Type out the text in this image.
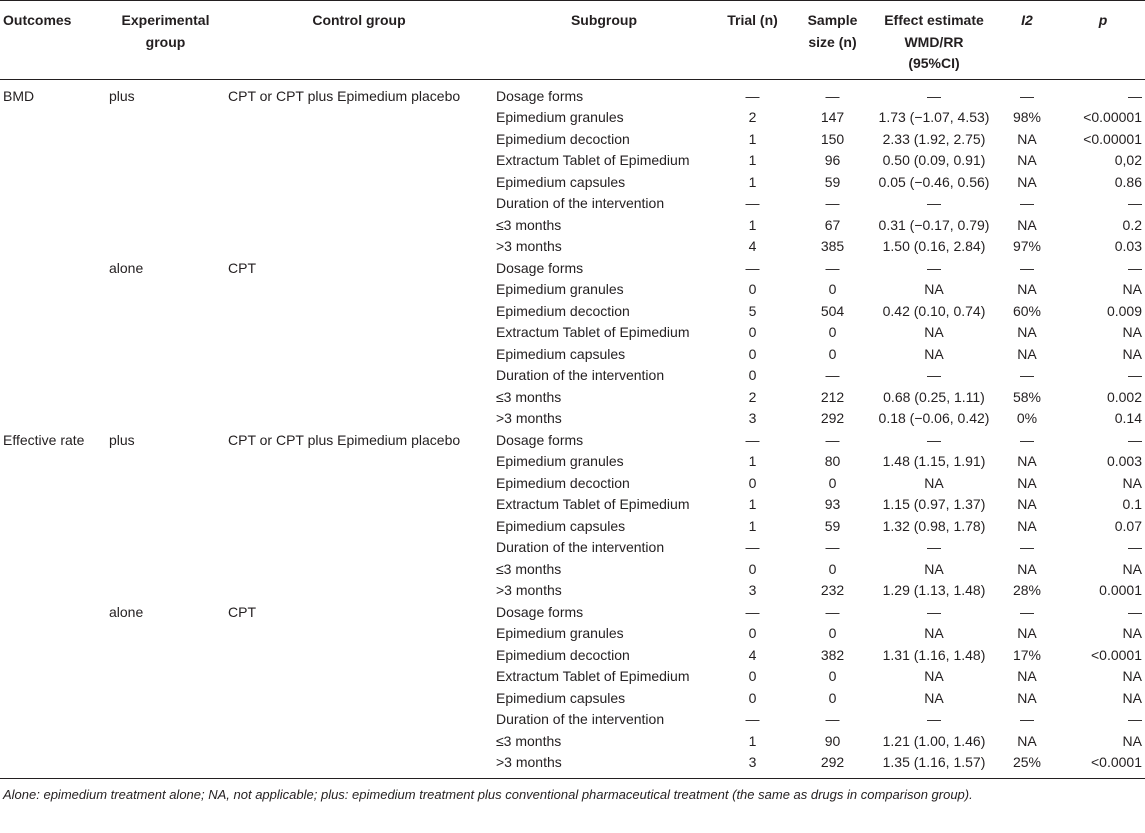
Outcomes	Experimental group	Control group	Subgroup	Trial (n)	Sample size (n)	Effect estimate WMD/RR (95%CI)	I2	p
BMD	plus	CPT or CPT plus Epimedium placebo	Dosage forms	—	—	—	—	—
			Epimedium granules	2	147	1.73 (−1.07, 4.53)	98%	<0.00001
			Epimedium decoction	1	150	2.33 (1.92, 2.75)	NA	<0.00001
			Extractum Tablet of Epimedium	1	96	0.50 (0.09, 0.91)	NA	0,02
			Epimedium capsules	1	59	0.05 (−0.46, 0.56)	NA	0.86
			Duration of the intervention	—	—	—	—	—
			≤3 months	1	67	0.31 (−0.17, 0.79)	NA	0.2
			>3 months	4	385	1.50 (0.16, 2.84)	97%	0.03
	alone	CPT	Dosage forms	—	—	—	—	—
			Epimedium granules	0	0	NA	NA	NA
			Epimedium decoction	5	504	0.42 (0.10, 0.74)	60%	0.009
			Extractum Tablet of Epimedium	0	0	NA	NA	NA
			Epimedium capsules	0	0	NA	NA	NA
			Duration of the intervention	0	—	—	—	—
			≤3 months	2	212	0.68 (0.25, 1.11)	58%	0.002
			>3 months	3	292	0.18 (−0.06, 0.42)	0%	0.14
Effective rate	plus	CPT or CPT plus Epimedium placebo	Dosage forms	—	—	—	—	—
			Epimedium granules	1	80	1.48 (1.15, 1.91)	NA	0.003
			Epimedium decoction	0	0	NA	NA	NA
			Extractum Tablet of Epimedium	1	93	1.15 (0.97, 1.37)	NA	0.1
			Epimedium capsules	1	59	1.32 (0.98, 1.78)	NA	0.07
			Duration of the intervention	—	—	—	—	—
			≤3 months	0	0	NA	NA	NA
			>3 months	3	232	1.29 (1.13, 1.48)	28%	0.0001
	alone	CPT	Dosage forms	—	—	—	—	—
			Epimedium granules	0	0	NA	NA	NA
			Epimedium decoction	4	382	1.31 (1.16, 1.48)	17%	<0.0001
			Extractum Tablet of Epimedium	0	0	NA	NA	NA
			Epimedium capsules	0	0	NA	NA	NA
			Duration of the intervention	—	—	—	—	—
			≤3 months	1	90	1.21 (1.00, 1.46)	NA	NA
			>3 months	3	292	1.35 (1.16, 1.57)	25%	<0.0001
Alone: epimedium treatment alone; NA, not applicable; plus: epimedium treatment plus conventional pharmaceutical treatment (the same as drugs in comparison group).
